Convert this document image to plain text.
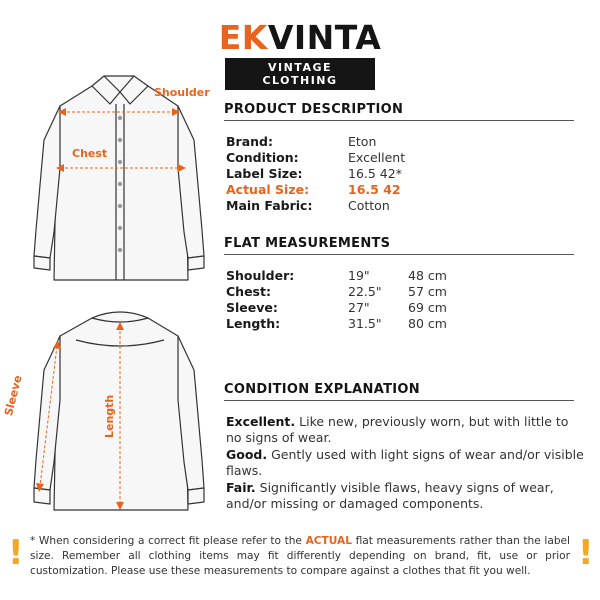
EKVINTA
VINTAGE CLOTHING
Shoulder
Chest
Sleeve	Length
PRODUCT DESCRIPTION
Brand:	Eton
Condition:	Excellent
Label Size:	16.5 42*
Actual Size:	16.5 42
Main Fabric:	Cotton
FLAT MEASUREMENTS
Shoulder:	19"	48 cm
Chest:	22.5" 57 cm
Sleeve:	27"	69 cm
Length:	31.5" 80 cm
CONDITION EXPLANATION
Excellent. Like new, previously worn, but with little to no signs of wear.
Good. Gently used with light signs of wear and/or visible flaws.
Fair. Significantly visible flaws, heavy signs of wear, and/or missing or damaged components.
!	!
* When considering a correct fit please refer to the ACTUAL flat measurements rather than the label size. Remember all clothing items may fit differently depending on brand, fit, use or prior customization. Please use these measurements to compare against a clothes that fit you well.
